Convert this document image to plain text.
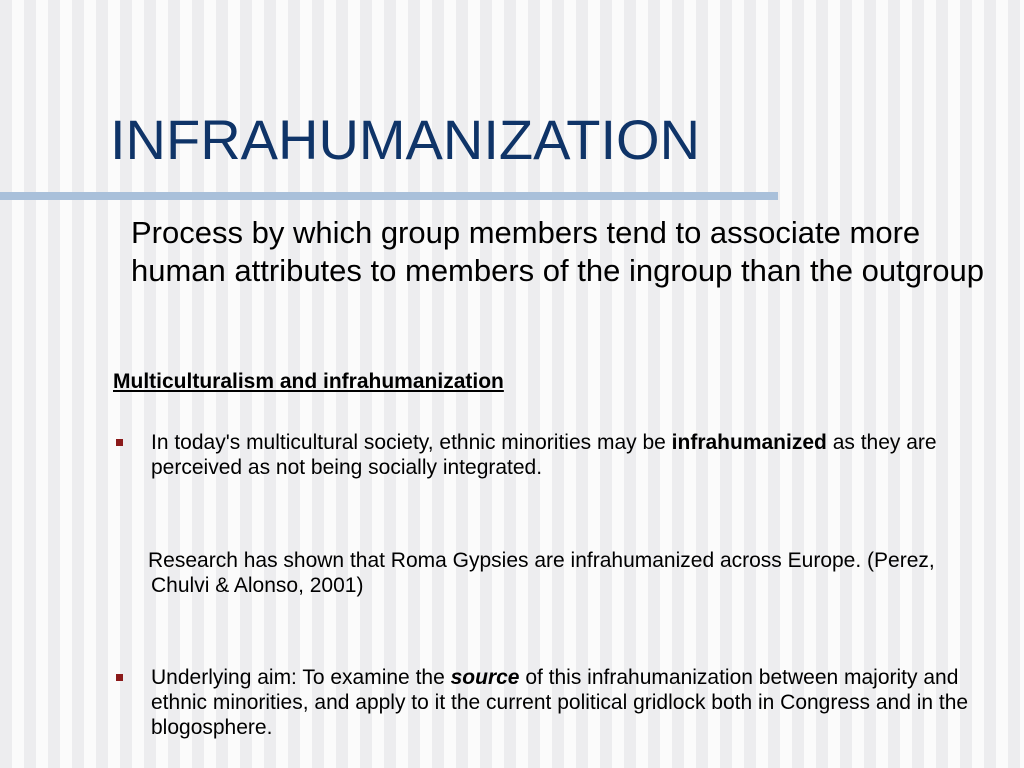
INFRAHUMANIZATION
Process by which group members tend to associate more human attributes to members of the ingroup than the outgroup
Multiculturalism and infrahumanization
In today's multicultural society, ethnic minorities may be infrahumanized as they are perceived as not being socially integrated.
Research has shown that Roma Gypsies are infrahumanized across Europe. (Perez, Chulvi & Alonso, 2001)
Underlying aim: To examine the source of this infrahumanization between majority and ethnic minorities, and apply to it the current political gridlock both in Congress and in the blogosphere.
